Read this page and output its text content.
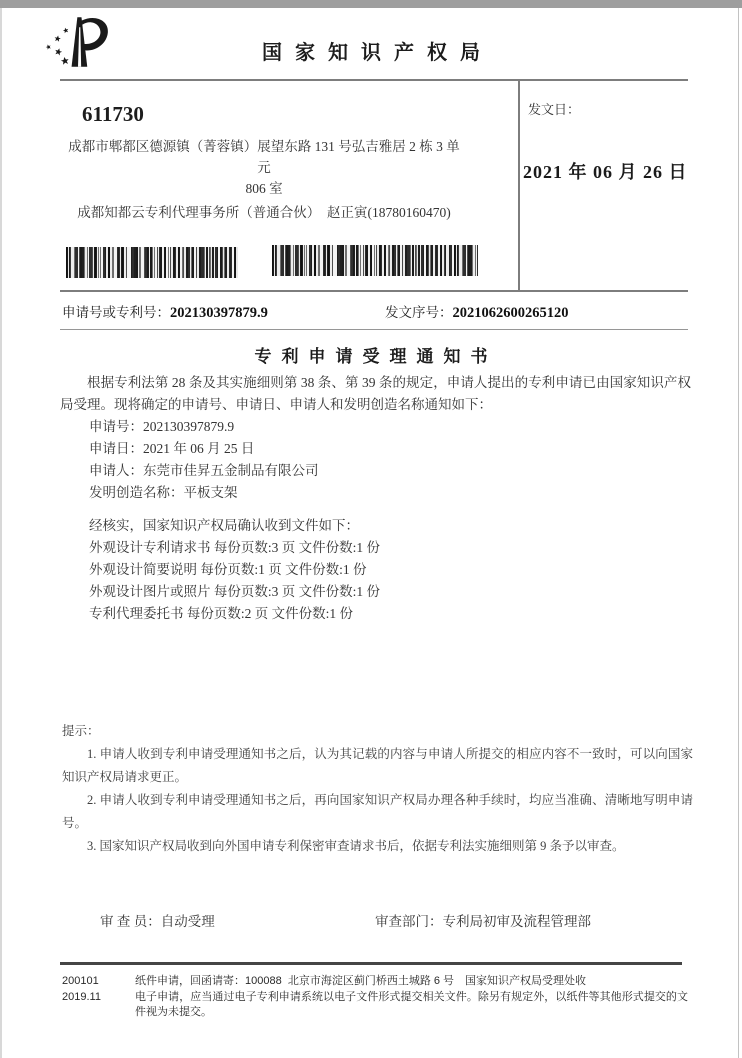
国家知识产权局
611730
成都市郫都区德源镇（菁蓉镇）展望东路 131 号弘吉雅居 2 栋 3 单元
806 室
成都知都云专利代理事务所（普通合伙）　赵正寅(18780160470)
发文日：
2021 年 06 月 26 日
申请号或专利号：202130397879.9	发文序号：2021062600265120
专利申请受理通知书
根据专利法第 28 条及其实施细则第 38 条、第 39 条的规定，申请人提出的专利申请已由国家知识产权局受理。现将确定的申请号、申请日、申请人和发明创造名称通知如下：
申请号：202130397879.9
申请日：2021 年 06 月 25 日
申请人：东莞市佳昇五金制品有限公司
发明创造名称：平板支架
经核实，国家知识产权局确认收到文件如下：
外观设计专利请求书 每份页数:3 页 文件份数:1 份
外观设计简要说明 每份页数:1 页 文件份数:1 份
外观设计图片或照片 每份页数:3 页 文件份数:1 份
专利代理委托书 每份页数:2 页 文件份数:1 份
提示：
1. 申请人收到专利申请受理通知书之后，认为其记载的内容与申请人所提交的相应内容不一致时，可以向国家知识产权局请求更正。
2. 申请人收到专利申请受理通知书之后，再向国家知识产权局办理各种手续时，均应当准确、清晰地写明申请号。
3. 国家知识产权局收到向外国申请专利保密审查请求书后，依据专利法实施细则第 9 条予以审查。
审 查 员：自动受理	审查部门：专利局初审及流程管理部
200101
2019.11
纸件申请，回函请寄：100088  北京市海淀区蓟门桥西土城路 6 号　国家知识产权局受理处收
电子申请，应当通过电子专利申请系统以电子文件形式提交相关文件。除另有规定外，以纸件等其他形式提交的文件视为未提交。
